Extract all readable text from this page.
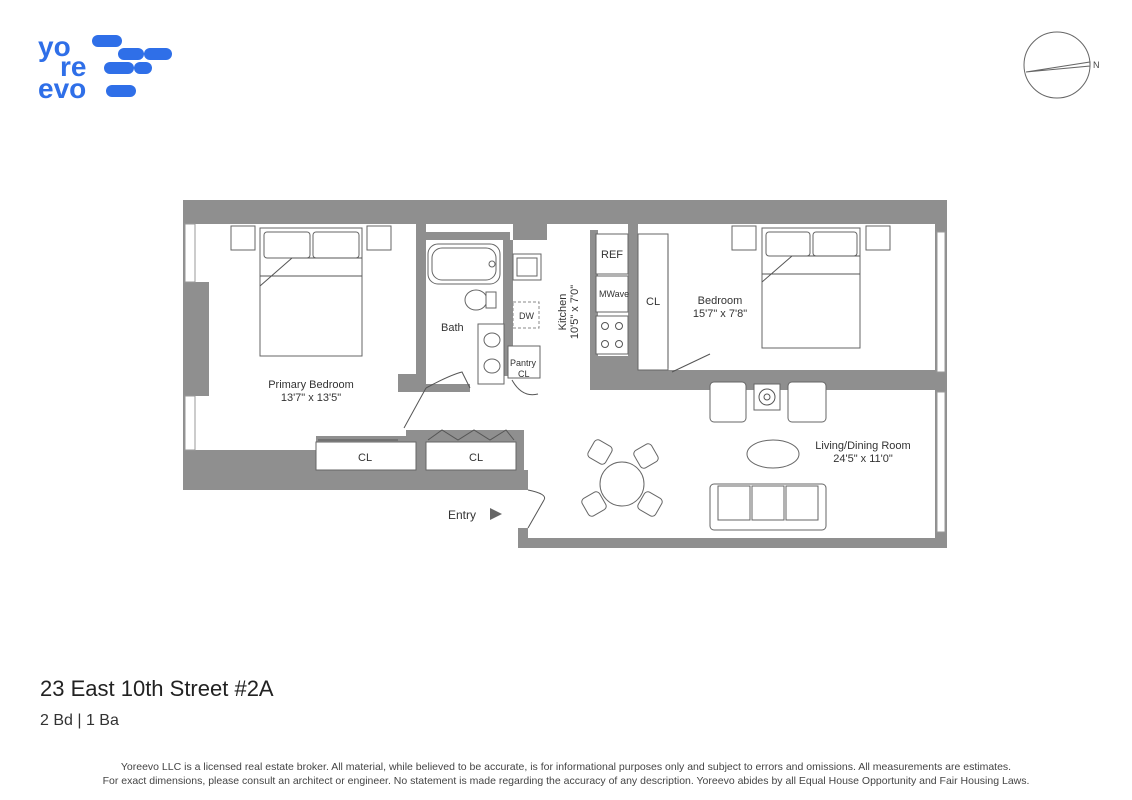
yo
re
evo
N
DW
Pantry
CL
REF
MWave
Kitchen 10'5" x 7'0"	CL
CL	CL
Entry
Primary Bedroom
13'7" x 13'5"
Bath
Bedroom
15'7" x 7'8"
Living/Dining Room
24'5" x 11'0"
23 East 10th Street #2A
2 Bd | 1 Ba
Yoreevo LLC is a licensed real estate broker. All material, while believed to be accurate, is for informational purposes only and subject to errors and omissions. All measurements are estimates.
For exact dimensions, please consult an architect or engineer. No statement is made regarding the accuracy of any description. Yoreevo abides by all Equal House Opportunity and Fair Housing Laws.
